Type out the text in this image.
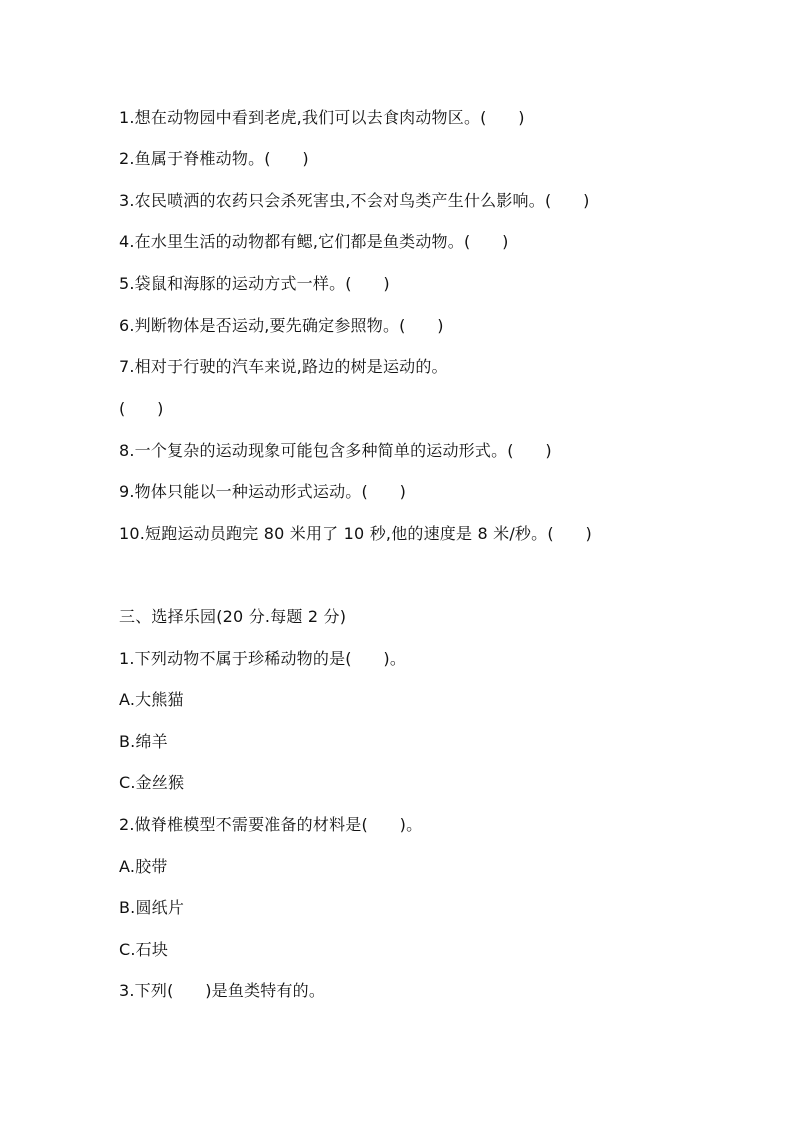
1.想在动物园中看到老虎,我们可以去食肉动物区。(      )
2.鱼属于脊椎动物。(      )
3.农民喷洒的农药只会杀死害虫,不会对鸟类产生什么影响。(      )
4.在水里生活的动物都有鳃,它们都是鱼类动物。(      )
5.袋鼠和海豚的运动方式一样。(      )
6.判断物体是否运动,要先确定参照物。(      )
7.相对于行驶的汽车来说,路边的树是运动的。
(      )
8.一个复杂的运动现象可能包含多种简单的运动形式。(      )
9.物体只能以一种运动形式运动。(      )
10.短跑运动员跑完 80 米用了 10 秒,他的速度是 8 米/秒。(      )
三、选择乐园(20 分.每题 2 分)
1.下列动物不属于珍稀动物的是(      )。
A.大熊猫
B.绵羊
C.金丝猴
2.做脊椎模型不需要准备的材料是(      )。
A.胶带
B.圆纸片
C.石块
3.下列(      )是鱼类特有的。
